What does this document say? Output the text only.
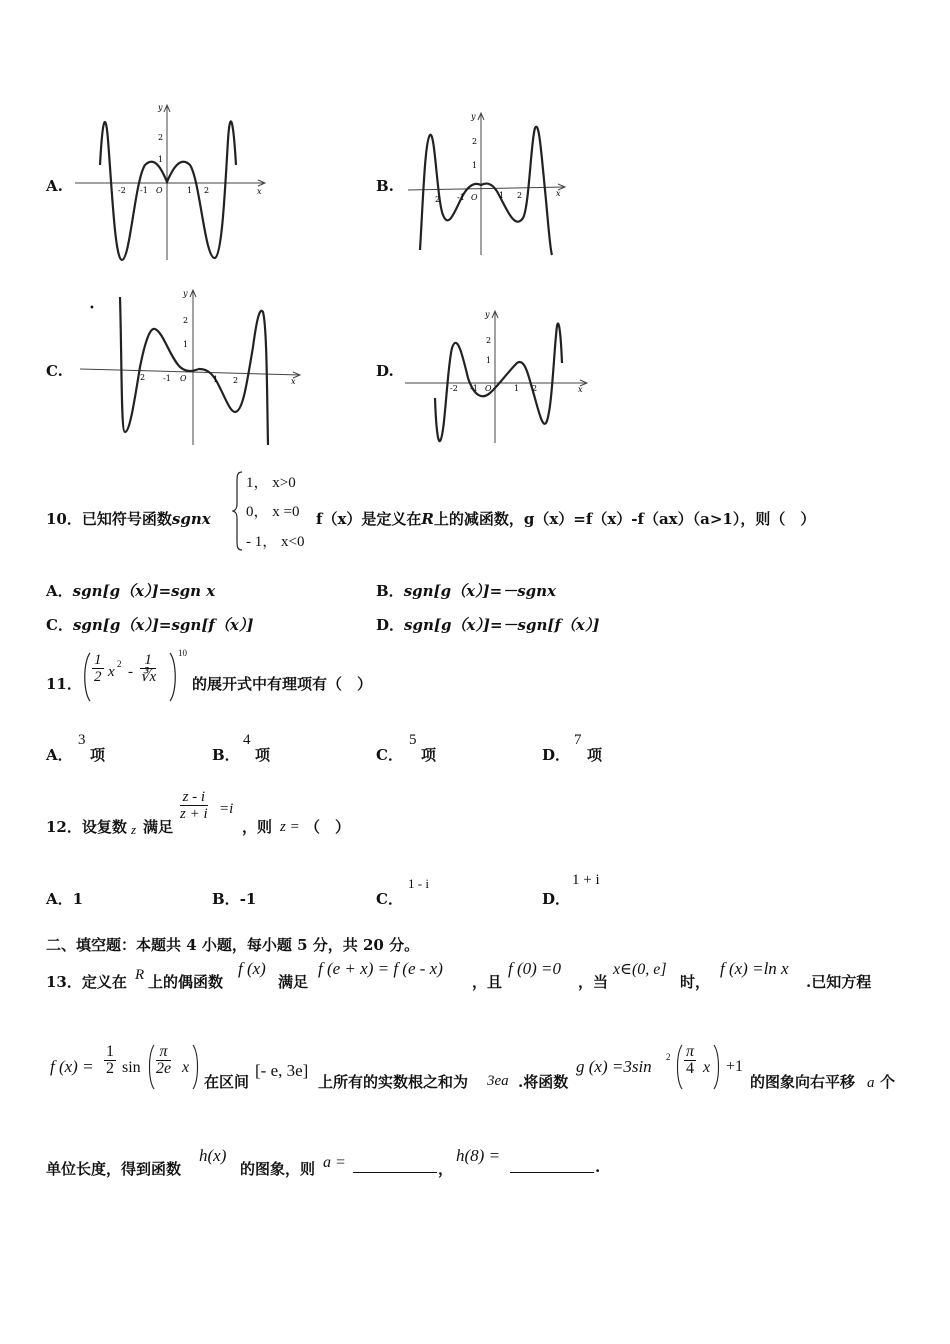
A.	-2 -1 O	1 2
2
1
x
y
B.
2 -1 O	1 2
2
1
x
y
•
C.	2 -1 O	1 2
2
1
x
y
D.
-2 -1 O	1 2
2
1
x
y
10．已知符号函数sgnx
1， x>0
0， x =0
- 1， x<0
f（x）是定义在R上的减函数，g（x）=f（x）-f（ax）（a>1），则（　）
A．sgn[g（x）]=sgn x	B．sgn[g（x）]=－sgnx
C．sgn[g（x）]=sgn[f（x）]	D．sgn[g（x）]=－sgn[f（x）]
11． $\frac{1}{2}$ x $2 - \frac{1}{∛x} 10$
的展开式中有理项有（　）
A．
3
项	B．
4
项	C．
5
项	D．
7
项
12．设复数 z 满足
$\frac{z - i}{z + i} =i$
，则 z = （　）
A．1	B．-1	C．
1 - i
D．
1 + i
二、填空题：本题共 4 小题，每小题 5 分，共 20 分。
13．定义在 R 上的偶函数
f (x)
满足
f (e + x) = f (e - x)
，且
f (0) =0
，当
x∈(0, e]
时，
f (x) =ln x
.已知方程
f $(x) = \frac{1}{2}$ $\sin \frac{\pi}{2e}$ x
在区间
[- e, 3e]
上所有的实数根之和为 3ea .将函数
g (x) =3sin $2 \frac{\pi}{4}$ x +1
的图象向右平移 a 个
单位长度，得到函数
h(x)
的图象，则 a =	，
h(8) =
.
